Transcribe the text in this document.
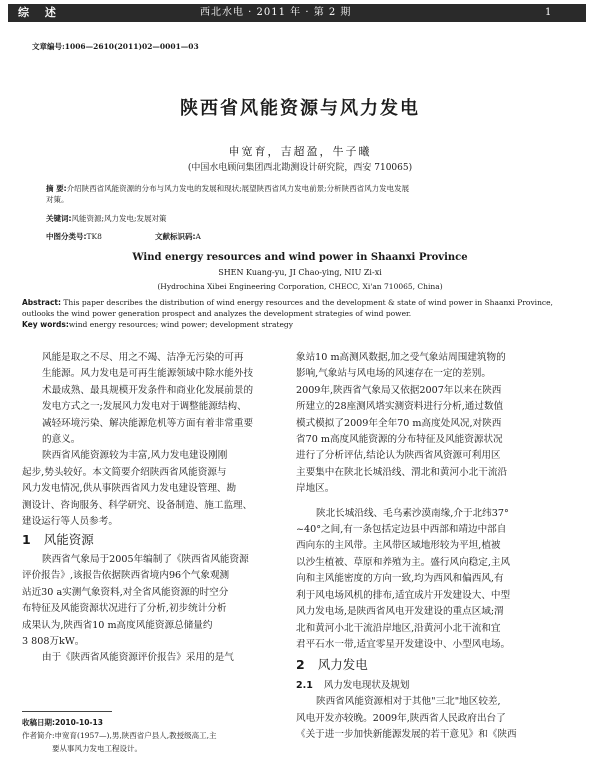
综 述	西北水电 · 2011 年 · 第 2 期	1
文章编号:1006—2610(2011)02—0001—03
陕西省风能资源与风力发电
申宽育，吉超盈，牛子曦
(中国水电顾问集团西北勘测设计研究院，西安 710065)
摘 要:介绍陕西省风能资源的分布与风力发电的发展和现状;展望陕西省风力发电前景;分析陕西省风力发电发展
对策。
关键词:风能资源;风力发电;发展对策
中图分类号:TK8	文献标识码:A
Wind energy resources and wind power in Shaanxi Province
SHEN Kuang-yu, JI Chao-ying, NIU Zi-xi
(Hydrochina Xibei Engineering Corporation, CHECC, Xi'an 710065, China)
Abstract: This paper describes the distribution of wind energy resources and the development & state of wind power in Shaanxi Province,
outlooks the wind power generation prospect and analyzes the development strategies of wind power.
Key words:wind energy resources; wind power; development strategy
风能是取之不尽、用之不竭、洁净无污染的可再
生能源。风力发电是可再生能源领域中除水能外技
术最成熟、最具规模开发条件和商业化发展前景的
发电方式之一;发展风力发电对于调整能源结构、
减轻环境污染、解决能源危机等方面有着非常重要
的意义。
陕西省风能资源较为丰富,风力发电建设刚刚
起步,势头较好。本文简要介绍陕西省风能资源与
风力发电情况,供从事陕西省风力发电建设管理、勘
测设计、咨询服务、科学研究、设备制造、施工监理、
建设运行等人员参考。
1 风能资源
陕西省气象局于2005年编制了《陕西省风能资源
评价报告》,该报告依据陕西省境内96个气象观测
站近30 a实测气象资料,对全省风能资源的时空分
布特征及风能资源状况进行了分析,初步统计分析
成果认为,陕西省10 m高度风能资源总储量约
3 808万kW。
由于《陕西省风能资源评价报告》采用的是气
收稿日期:2010-10-13
作者简介:申宽育(1957—),男,陕西省户县人,教授级高工,主
要从事风力发电工程设计。
象站10 m高测风数据,加之受气象站周围建筑物的
影响,气象站与风电场的风速存在一定的差别。
2009年,陕西省气象局又依据2007年以来在陕西
所建立的28座测风塔实测资料进行分析,通过数值
模式模拟了2009年全年70 m高度处风况,对陕西
省70 m高度风能资源的分布特征及风能资源状况
进行了分析评估,结论认为陕西省风资源可利用区
主要集中在陕北长城沿线、渭北和黄河小北干流沿
岸地区。
陕北长城沿线、毛乌素沙漠南缘,介于北纬37°
~40°之间,有一条包括定边县中西部和靖边中部自
西向东的主风带。主风带区域地形较为平坦,植被
以沙生植被、草原和养殖为主。盛行风向稳定,主风
向和主风能密度的方向一致,均为西风和偏西风,有
利于风电场风机的排布,适宜成片开发建设大、中型
风力发电场,是陕西省风电开发建设的重点区域;渭
北和黄河小北干流沿岸地区,沿黄河小北干流和宜
君平石水一带,适宜零星开发建设中、小型风电场。
2 风力发电
2.1 风力发电现状及规划
陕西省风能资源相对于其他"三北"地区较差,
风电开发亦较晚。2009年,陕西省人民政府出台了
《关于进一步加快新能源发展的若干意见》和《陕西
